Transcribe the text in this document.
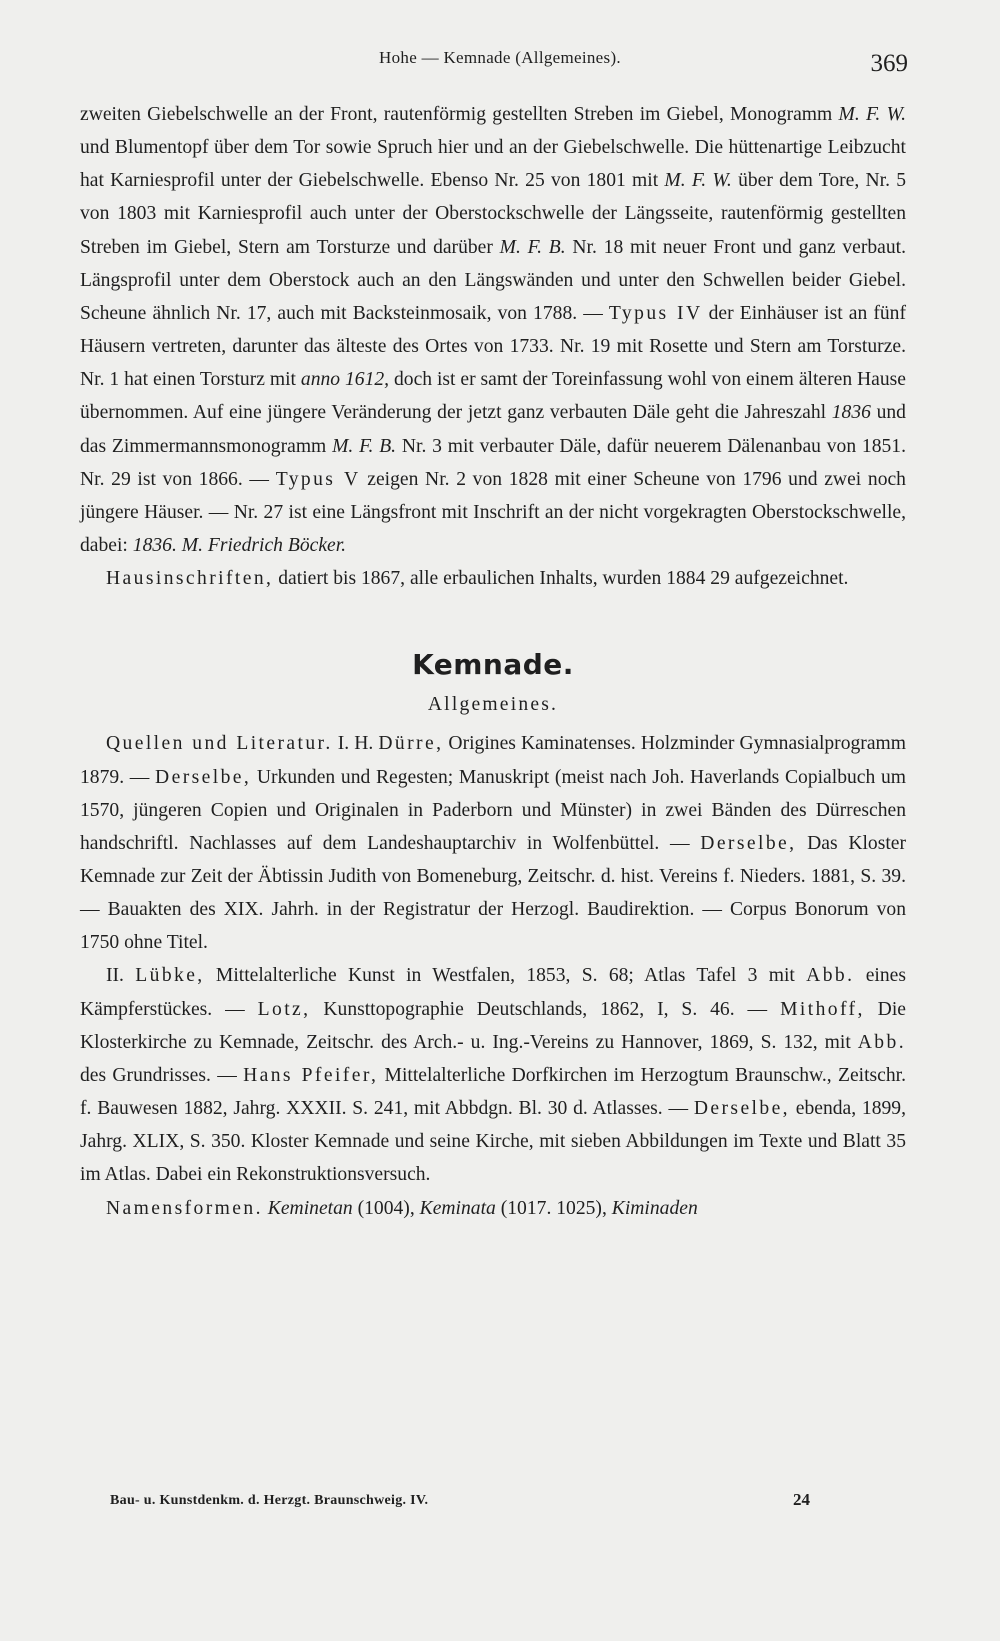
Hohe — Kemnade (Allgemeines).	369

zweiten Giebelschwelle an der Front, rautenförmig gestellten Streben im Giebel, Monogramm M. F. W. und Blumentopf über dem Tor sowie Spruch hier und an der Giebelschwelle. Die hüttenartige Leibzucht hat Karniesprofil unter der Giebelschwelle. Ebenso Nr. 25 von 1801 mit M. F. W. über dem Tore, Nr. 5 von 1803 mit Karniesprofil auch unter der Oberstockschwelle der Längsseite, rautenförmig gestellten Streben im Giebel, Stern am Torsturze und darüber M. F. B. Nr. 18 mit neuer Front und ganz verbaut. Längsprofil unter dem Oberstock auch an den Längswänden und unter den Schwellen beider Giebel. Scheune ähnlich Nr. 17, auch mit Backsteinmosaik, von 1788. — Typus IV der Einhäuser ist an fünf Häusern vertreten, darunter das älteste des Ortes von 1733. Nr. 19 mit Rosette und Stern am Torsturze. Nr. 1 hat einen Torsturz mit anno 1612, doch ist er samt der Toreinfassung wohl von einem älteren Hause übernommen. Auf eine jüngere Veränderung der jetzt ganz verbauten Däle geht die Jahreszahl 1836 und das Zimmermannsmonogramm M. F. B. Nr. 3 mit verbauter Däle, dafür neuerem Dälenanbau von 1851. Nr. 29 ist von 1866. — Typus V zeigen Nr. 2 von 1828 mit einer Scheune von 1796 und zwei noch jüngere Häuser. — Nr. 27 ist eine Längsfront mit Inschrift an der nicht vorgekragten Oberstockschwelle, dabei: 1836. M. Friedrich Böcker.

Hausinschriften, datiert bis 1867, alle erbaulichen Inhalts, wurden 1884 29 aufgezeichnet.

Kemnade.
Allgemeines.

Quellen und Literatur. I. H. Dürre, Origines Kaminatenses. Holzminder Gymnasialprogramm 1879. — Derselbe, Urkunden und Regesten; Manuskript (meist nach Joh. Haverlands Copialbuch um 1570, jüngeren Copien und Originalen in Paderborn und Münster) in zwei Bänden des Dürreschen handschriftl. Nachlasses auf dem Landeshauptarchiv in Wolfenbüttel. — Derselbe, Das Kloster Kemnade zur Zeit der Äbtissin Judith von Bomeneburg, Zeitschr. d. hist. Vereins f. Nieders. 1881, S. 39. — Bauakten des XIX. Jahrh. in der Registratur der Herzogl. Baudirektion. — Corpus Bonorum von 1750 ohne Titel.

II. Lübke, Mittelalterliche Kunst in Westfalen, 1853, S. 68; Atlas Tafel 3 mit Abb. eines Kämpferstückes. — Lotz, Kunsttopographie Deutschlands, 1862, I, S. 46. — Mithoff, Die Klosterkirche zu Kemnade, Zeitschr. des Arch.- u. Ing.-Vereins zu Hannover, 1869, S. 132, mit Abb. des Grundrisses. — Hans Pfeifer, Mittelalterliche Dorfkirchen im Herzogtum Braunschw., Zeitschr. f. Bauwesen 1882, Jahrg. XXXII. S. 241, mit Abbdgn. Bl. 30 d. Atlasses. — Derselbe, ebenda, 1899, Jahrg. XLIX, S. 350. Kloster Kemnade und seine Kirche, mit sieben Abbildungen im Texte und Blatt 35 im Atlas. Dabei ein Rekonstruktionsversuch.

Namensformen. Keminetan (1004), Keminata (1017. 1025), Kiminaden

Bau- u. Kunstdenkm. d. Herzgt. Braunschweig. IV.	24
